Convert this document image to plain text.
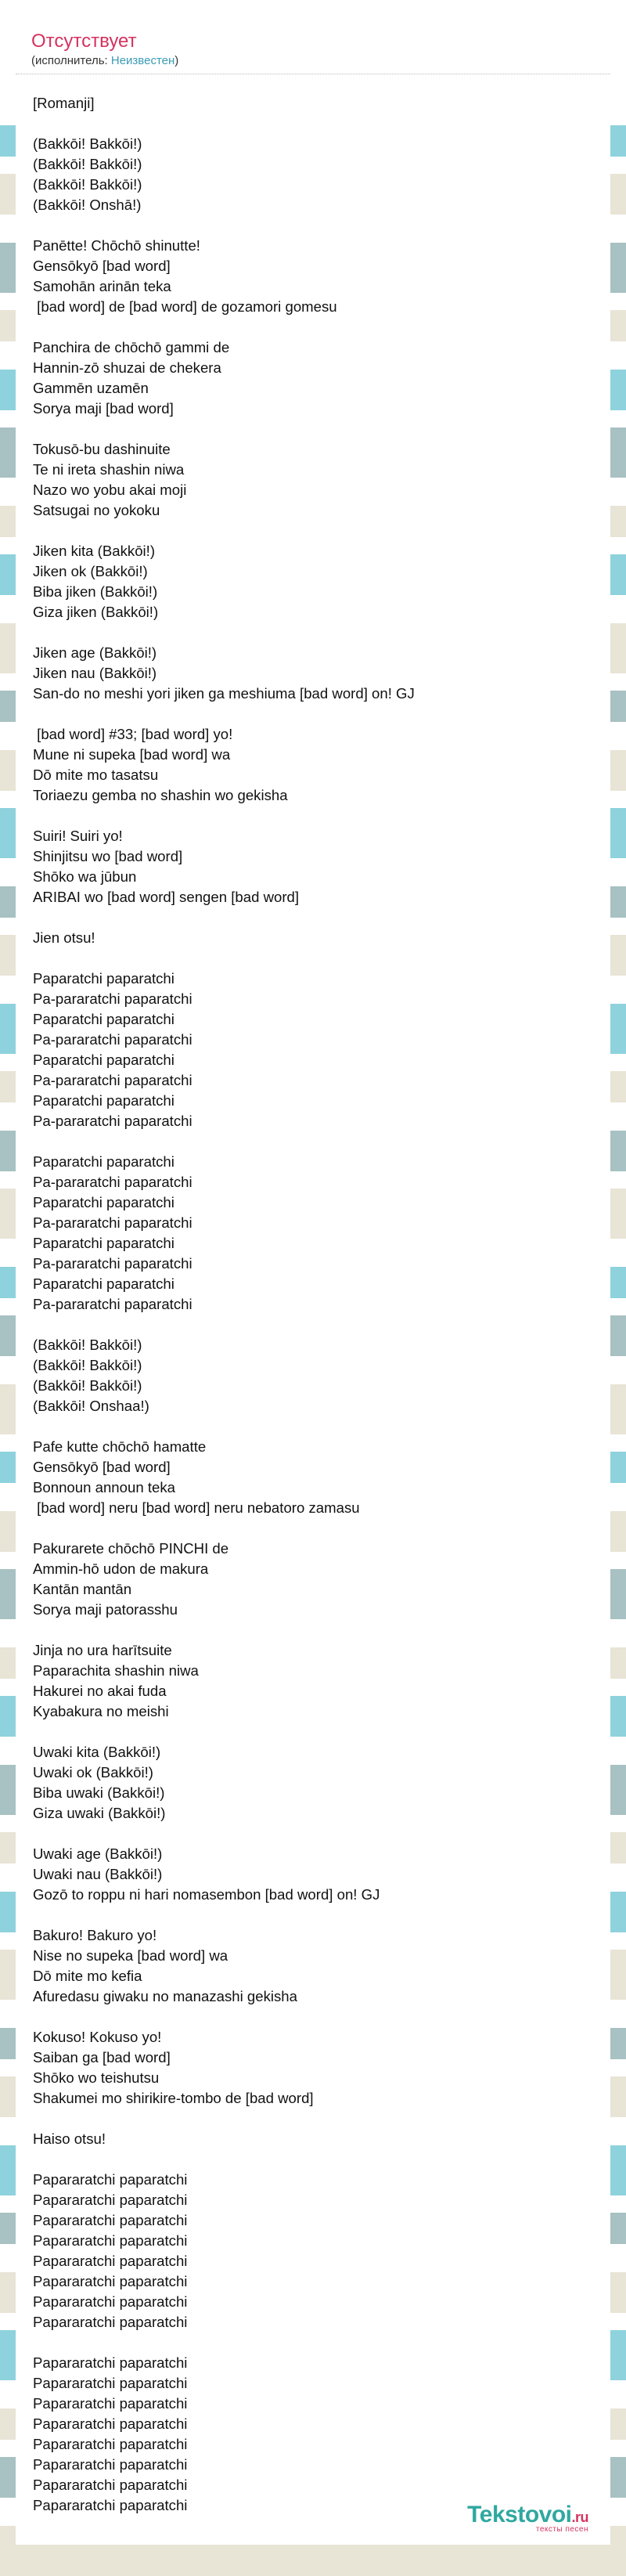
Отсутствует
(исполнитель: Неизвестен)
[Romanji]

(Bakkōi! Bakkōi!)
(Bakkōi! Bakkōi!)
(Bakkōi! Bakkōi!)
(Bakkōi! Onshā!)

Panētte! Chōchō shinutte!
Gensōkyō [bad word]
Samohān arinān teka
[bad word] de [bad word] de gozamori gomesu

Panchira de chōchō gammi de
Hannin-zō shuzai de chekera
Gammēn uzamēn
Sorya maji [bad word]

Tokusō-bu dashinuite
Te ni ireta shashin niwa
Nazo wo yobu akai moji
Satsugai no yokoku

Jiken kita (Bakkōi!)
Jiken ok (Bakkōi!)
Biba jiken (Bakkōi!)
Giza jiken (Bakkōi!)

Jiken age (Bakkōi!)
Jiken nau (Bakkōi!)
San-do no meshi yori jiken ga meshiuma [bad word] on! GJ

[bad word] #33; [bad word] yo!
Mune ni supeka [bad word] wa
Dō mite mo tasatsu
Toriaezu gemba no shashin wo gekisha

Suiri! Suiri yo!
Shinjitsu wo [bad word]
Shōko wa jūbun
ARIBAI wo [bad word] sengen [bad word]

Jien otsu!

Paparatchi paparatchi
Pa-pararatchi paparatchi
Paparatchi paparatchi
Pa-pararatchi paparatchi
Paparatchi paparatchi
Pa-pararatchi paparatchi
Paparatchi paparatchi
Pa-pararatchi paparatchi

Paparatchi paparatchi
Pa-pararatchi paparatchi
Paparatchi paparatchi
Pa-pararatchi paparatchi
Paparatchi paparatchi
Pa-pararatchi paparatchi
Paparatchi paparatchi
Pa-pararatchi paparatchi

(Bakkōi! Bakkōi!)
(Bakkōi! Bakkōi!)
(Bakkōi! Bakkōi!)
(Bakkōi! Onshaa!)

Pafe kutte chōchō hamatte
Gensōkyō [bad word]
Bonnoun announ teka
[bad word] neru [bad word] neru nebatoro zamasu

Pakurarete chōchō PINCHI de
Ammin-hō udon de makura
Kantān mantān
Sorya maji patorasshu

Jinja no ura harītsuite
Paparachita shashin niwa
Hakurei no akai fuda
Kyabakura no meishi

Uwaki kita (Bakkōi!)
Uwaki ok (Bakkōi!)
Biba uwaki (Bakkōi!)
Giza uwaki (Bakkōi!)

Uwaki age (Bakkōi!)
Uwaki nau (Bakkōi!)
Gozō to roppu ni hari nomasembon [bad word] on! GJ

Bakuro! Bakuro yo!
Nise no supeka [bad word] wa
Dō mite mo kefia
Afuredasu giwaku no manazashi gekisha

Kokuso! Kokuso yo!
Saiban ga [bad word]
Shōko wo teishutsu
Shakumei mo shirikire-tombo de [bad word]

Haiso otsu!

Papararatchi paparatchi
Papararatchi paparatchi
Papararatchi paparatchi
Papararatchi paparatchi
Papararatchi paparatchi
Papararatchi paparatchi
Papararatchi paparatchi
Papararatchi paparatchi

Papararatchi paparatchi
Papararatchi paparatchi
Papararatchi paparatchi
Papararatchi paparatchi
Papararatchi paparatchi
Papararatchi paparatchi
Papararatchi paparatchi
Papararatchi paparatchi	Tekstovoi.ru
тексты песен
